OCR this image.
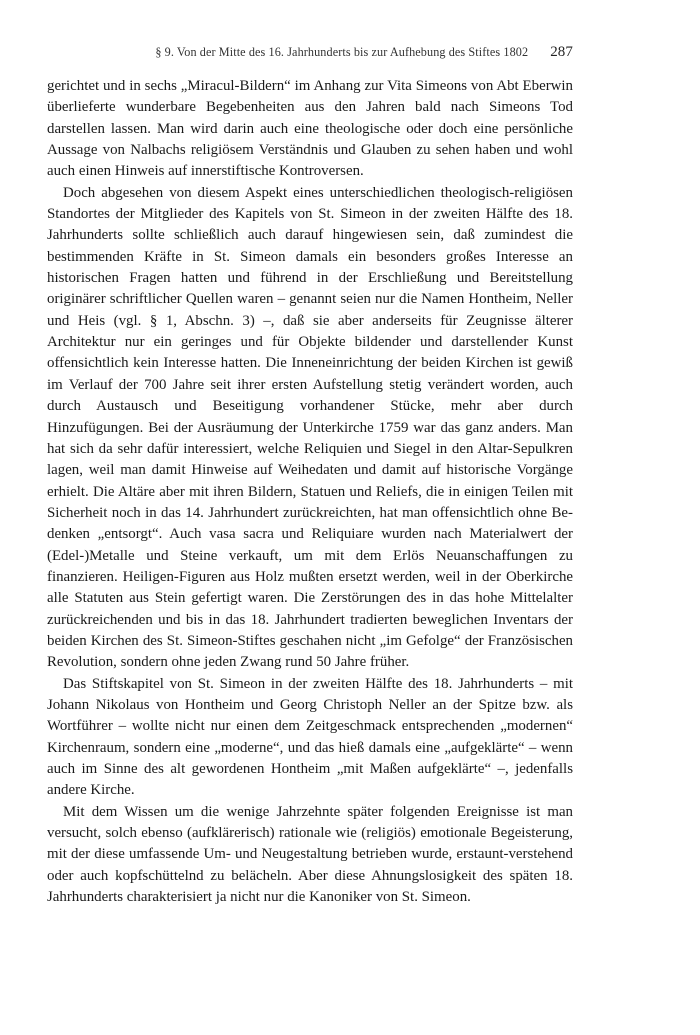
§ 9. Von der Mitte des 16. Jahrhunderts bis zur Aufhebung des Stiftes 1802 287

gerichtet und in sechs „Miracul-Bildern“ im Anhang zur Vita Simeons von Abt Eberwin überlieferte wunderbare Begebenheiten aus den Jahren bald nach Simeons Tod darstellen lassen. Man wird darin auch eine theologische oder doch eine persönliche Aussage von Nalbachs religiösem Verständnis und Glauben zu sehen haben und wohl auch einen Hinweis auf innerstiftische Kontroversen.

Doch abgesehen von diesem Aspekt eines unterschiedlichen theologisch-religiösen Standortes der Mitglieder des Kapitels von St. Simeon in der zweiten Hälfte des 18. Jahrhunderts sollte schließlich auch darauf hingewiesen sein, daß zumindest die bestimmenden Kräfte in St. Simeon damals ein besonders großes Interesse an historischen Fragen hatten und führend in der Erschließung und Bereitstellung originärer schriftlicher Quellen waren – genannt seien nur die Namen Hontheim, Neller und Heis (vgl. § 1, Abschn. 3) –, daß sie aber anderseits für Zeugnisse älterer Architektur nur ein geringes und für Objekte bildender und darstellender Kunst offensichtlich kein Interesse hatten. Die Inneneinrichtung der beiden Kirchen ist gewiß im Verlauf der 700 Jahre seit ihrer ersten Aufstellung stetig verändert worden, auch durch Austausch und Beseitigung vorhandener Stücke, mehr aber durch Hinzufügungen. Bei der Ausräumung der Unterkirche 1759 war das ganz anders. Man hat sich da sehr dafür interessiert, welche Reliquien und Siegel in den Altar-Sepulkren lagen, weil man damit Hinweise auf Weihedaten und damit auf historische Vorgänge erhielt. Die Altäre aber mit ihren Bildern, Statuen und Reliefs, die in einigen Teilen mit Sicherheit noch in das 14. Jahrhundert zurückreichten, hat man offensichtlich ohne Bedenken „entsorgt“. Auch vasa sacra und Reliquiare wurden nach Materialwert der (Edel-)Metalle und Steine verkauft, um mit dem Erlös Neuanschaffungen zu finanzieren. Heiligen-Figuren aus Holz mußten ersetzt werden, weil in der Oberkirche alle Statuten aus Stein gefertigt waren. Die Zerstörungen des in das hohe Mittelalter zurückreichenden und bis in das 18. Jahrhundert tradierten beweglichen Inventars der beiden Kirchen des St. Simeon-Stiftes geschahen nicht „im Gefolge“ der Französischen Revolution, sondern ohne jeden Zwang rund 50 Jahre früher.

Das Stiftskapitel von St. Simeon in der zweiten Hälfte des 18. Jahrhunderts – mit Johann Nikolaus von Hontheim und Georg Christoph Neller an der Spitze bzw. als Wortführer – wollte nicht nur einen dem Zeitgeschmack entsprechenden „modernen“ Kirchenraum, sondern eine „moderne“, und das hieß damals eine „aufgeklärte“ – wenn auch im Sinne des alt gewordenen Hontheim „mit Maßen aufgeklärte“ –, jedenfalls andere Kirche.

Mit dem Wissen um die wenige Jahrzehnte später folgenden Ereignisse ist man versucht, solch ebenso (aufklärerisch) rationale wie (religiös) emotionale Begeisterung, mit der diese umfassende Um- und Neugestaltung betrieben wurde, erstaunt-verstehend oder auch kopfschüttelnd zu belächeln. Aber diese Ahnungslosigkeit des späten 18. Jahrhunderts charakterisiert ja nicht nur die Kanoniker von St. Simeon.
